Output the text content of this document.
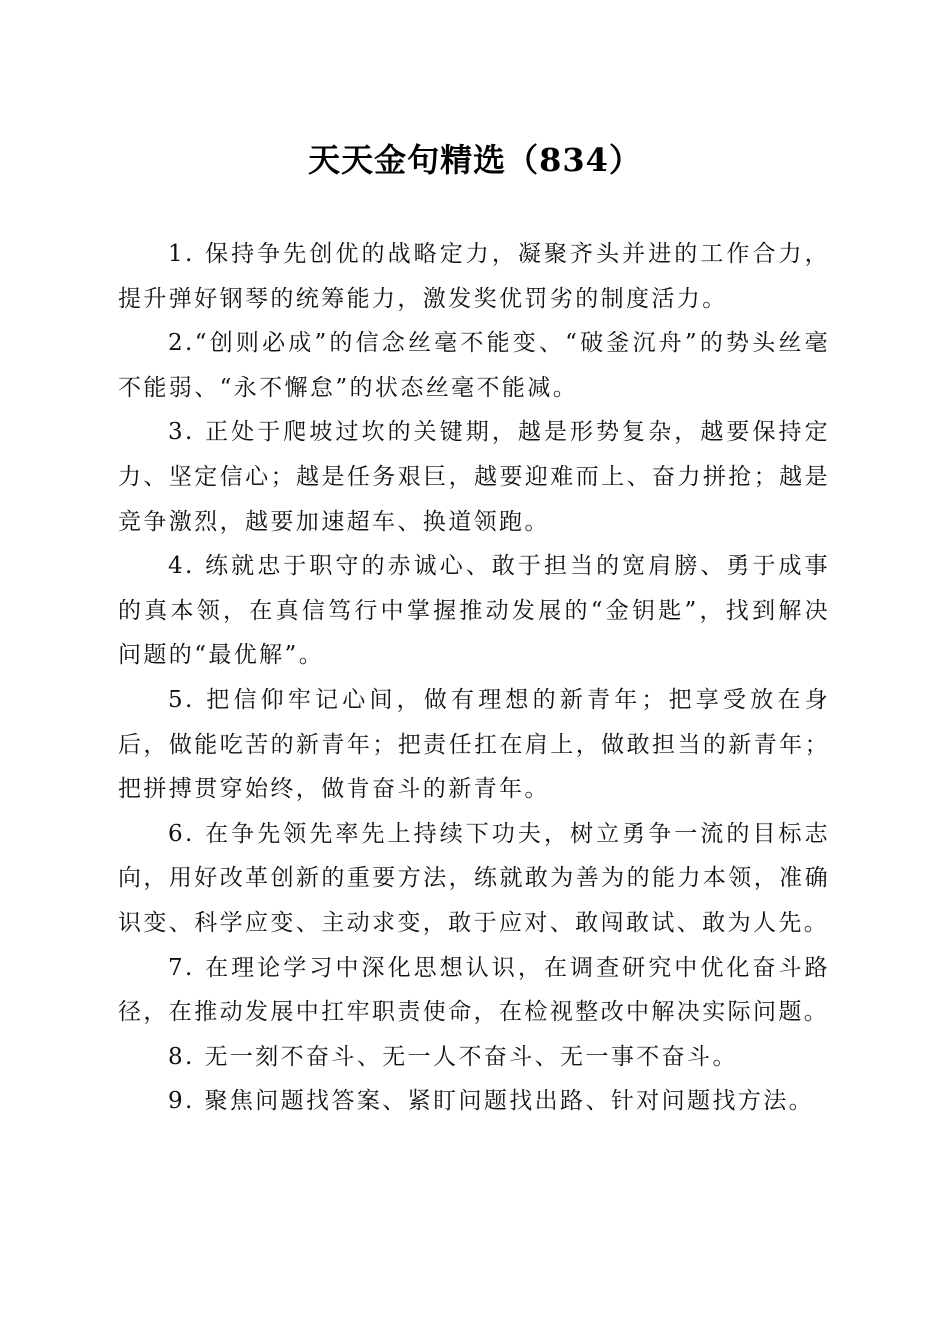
天天金句精选（834）

1. 保持争先创优的战略定力，凝聚齐头并进的工作合力，提升弹好钢琴的统筹能力，激发奖优罚劣的制度活力。

2.“创则必成”的信念丝毫不能变、“破釜沉舟”的势头丝毫不能弱、“永不懈怠”的状态丝毫不能减。

3. 正处于爬坡过坎的关键期，越是形势复杂，越要保持定力、坚定信心；越是任务艰巨，越要迎难而上、奋力拼抢；越是竞争激烈，越要加速超车、换道领跑。

4. 练就忠于职守的赤诚心、敢于担当的宽肩膀、勇于成事的真本领，在真信笃行中掌握推动发展的“金钥匙”，找到解决问题的“最优解”。

5. 把信仰牢记心间，做有理想的新青年；把享受放在身后，做能吃苦的新青年；把责任扛在肩上，做敢担当的新青年；把拼搏贯穿始终，做肯奋斗的新青年。

6. 在争先领先率先上持续下功夫，树立勇争一流的目标志向，用好改革创新的重要方法，练就敢为善为的能力本领，准确识变、科学应变、主动求变，敢于应对、敢闯敢试、敢为人先。

7. 在理论学习中深化思想认识，在调查研究中优化奋斗路径，在推动发展中扛牢职责使命，在检视整改中解决实际问题。

8. 无一刻不奋斗、无一人不奋斗、无一事不奋斗。

9. 聚焦问题找答案、紧盯问题找出路、针对问题找方法。
